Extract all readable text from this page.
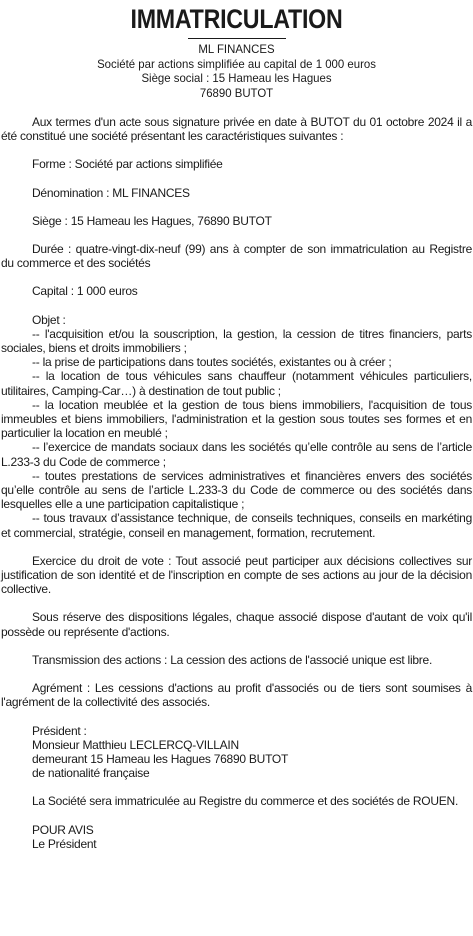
IMMATRICULATION
ML FINANCES
Société par actions simplifiée au capital de 1 000 euros
Siège social : 15 Hameau les Hagues
76890 BUTOT

Aux termes d'un acte sous signature privée en date à BUTOT du 01 octobre 2024 il a été constitué une société présentant les caractéristiques suivantes :

Forme : Société par actions simplifiée

Dénomination : ML FINANCES

Siège : 15 Hameau les Hagues, 76890 BUTOT

Durée : quatre-vingt-dix-neuf (99) ans à compter de son immatriculation au Registre du commerce et des sociétés

Capital : 1 000 euros

Objet :
-- l'acquisition et/ou la souscription, la gestion, la cession de titres financiers, parts sociales, biens et droits immobiliers ;
-- la prise de participations dans toutes sociétés, existantes ou à créer ;
-- la location de tous véhicules sans chauffeur (notamment véhicules particuliers, utilitaires, Camping-Car…) à destination de tout public ;
-- la location meublée et la gestion de tous biens immobiliers, l'acquisition de tous immeubles et biens immobiliers, l'administration et la gestion sous toutes ses formes et en particulier la location en meublé ;
-- l’exercice de mandats sociaux dans les sociétés qu’elle contrôle au sens de l’article L.233-3 du Code de commerce ;
-- toutes prestations de services administratives et financières envers des sociétés qu’elle contrôle au sens de l’article L.233-3 du Code de commerce ou des sociétés dans lesquelles elle a une participation capitalistique ;
-- tous travaux d’assistance technique, de conseils techniques, conseils en markéting et commercial, stratégie, conseil en management, formation, recrutement.

Exercice du droit de vote : Tout associé peut participer aux décisions collectives sur justification de son identité et de l'inscription en compte de ses actions au jour de la décision collective.

Sous réserve des dispositions légales, chaque associé dispose d'autant de voix qu'il possède ou représente d'actions.

Transmission des actions : La cession des actions de l'associé unique est libre.

Agrément : Les cessions d'actions au profit d'associés ou de tiers sont soumises à l'agrément de la collectivité des associés.

Président :
Monsieur Matthieu LECLERCQ-VILLAIN
demeurant 15 Hameau les Hagues 76890 BUTOT
de nationalité française

La Société sera immatriculée au Registre du commerce et des sociétés de ROUEN.

POUR AVIS
Le Président
